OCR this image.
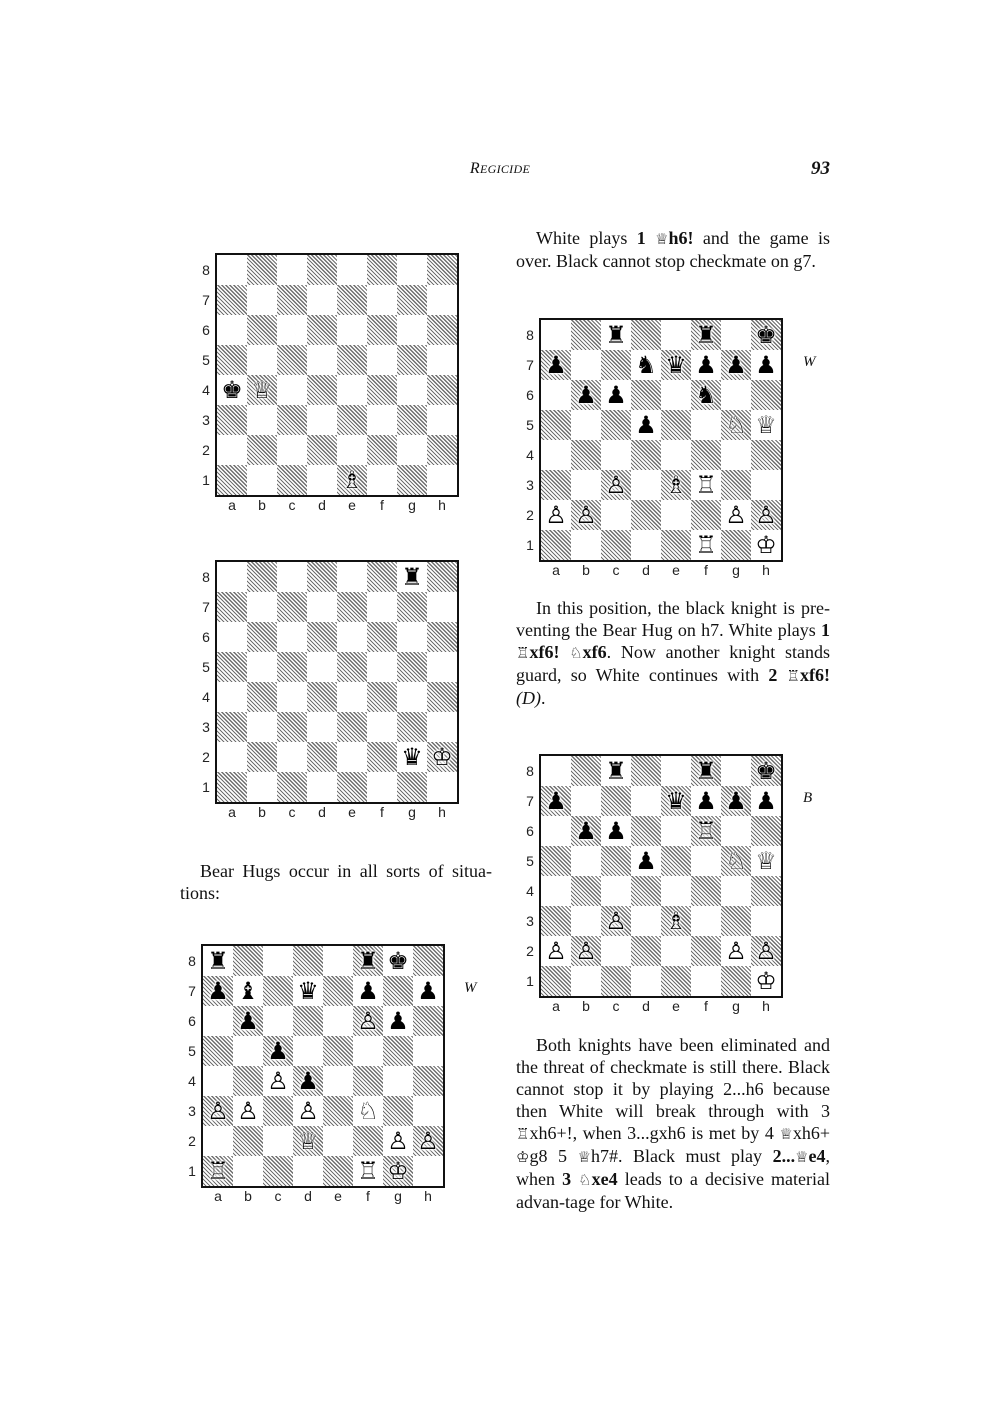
REGICIDE	93
♚ ♕
♗
♜
♛ ♔
♜	♜ ♚
♟ ♝ ♛ ♟ ♟
♟	♙ ♟
♟
♙ ♟
♙ ♙ ♙ ♘
♕	♙ ♙
♖	♖ ♔
♜	♜ ♚
♟	♞ ♛ ♟ ♟ ♟
♟ ♟	♞
♟	♘ ♕
♙ ♗ ♖
♙ ♙	♙ ♙
♖ ♔
♜	♜ ♚
♟	♛ ♟ ♟ ♟
♟ ♟	♖
♟	♘ ♕
♙ ♗
♙ ♙	♙ ♙
♔
8
7
6
5
4
3
2
1
a	b	c	d	e	f	g	h
8
7
6
5
4
3
2
1
a	b	c	d	e	f	g	h
8
7
6
5
4
3
2
1
a	b	c	d	e	f	g	h
8
7
6
5
4
3
2
1
a	b	c	d	e	f	g	h
8
7
6
5
4
3
2
1
a	b	c	d	e	f	g	h
W
W
B

White plays 1 ♕h6! and the game is over. Black cannot stop checkmate on g7.

In this position, the black knight is pre-venting the Bear Hug on h7. White plays 1 ♖xf6! ♘xf6. Now another knight stands guard, so White continues with 2 ♖xf6! (D).

Bear Hugs occur in all sorts of situa-tions:

Both knights have been eliminated and the threat of checkmate is still there. Black cannot stop it by playing 2...h6 because then White will break through with 3 ♖xh6+!, when 3...gxh6 is met by 4 ♕xh6+ ♔g8 5 ♕h7#. Black must play 2...♕e4, when 3 ♘xe4 leads to a decisive material advan-tage for White.
